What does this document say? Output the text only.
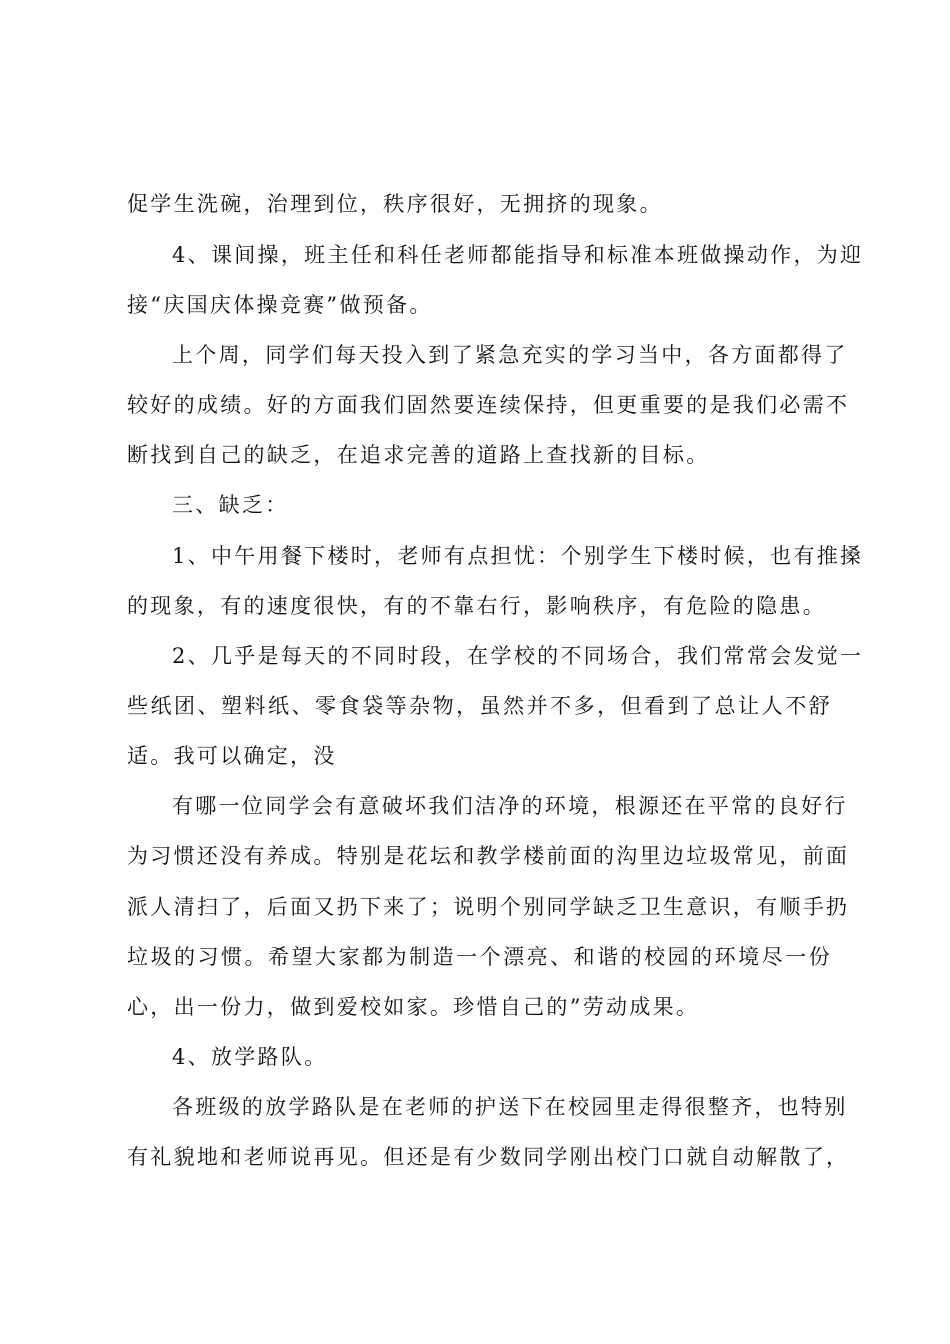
促学生洗碗，治理到位，秩序很好，无拥挤的现象。
4、课间操，班主任和科任老师都能指导和标准本班做操动作，为迎
接“庆国庆体操竞赛”做预备。
上个周，同学们每天投入到了紧急充实的学习当中，各方面都得了
较好的成绩。好的方面我们固然要连续保持，但更重要的是我们必需不
断找到自己的缺乏，在追求完善的道路上查找新的目标。
三、缺乏：
1、中午用餐下楼时，老师有点担忧：个别学生下楼时候，也有推搡
的现象，有的速度很快，有的不靠右行，影响秩序，有危险的隐患。
2、几乎是每天的不同时段，在学校的不同场合，我们常常会发觉一
些纸团、塑料纸、零食袋等杂物，虽然并不多，但看到了总让人不舒
适。我可以确定，没
有哪一位同学会有意破坏我们洁净的环境，根源还在平常的良好行
为习惯还没有养成。特别是花坛和教学楼前面的沟里边垃圾常见，前面
派人清扫了，后面又扔下来了；说明个别同学缺乏卫生意识，有顺手扔
垃圾的习惯。希望大家都为制造一个漂亮、和谐的校园的环境尽一份
心，出一份力，做到爱校如家。珍惜自己的”劳动成果。
4、放学路队。
各班级的放学路队是在老师的护送下在校园里走得很整齐，也特别
有礼貌地和老师说再见。但还是有少数同学刚出校门口就自动解散了，
